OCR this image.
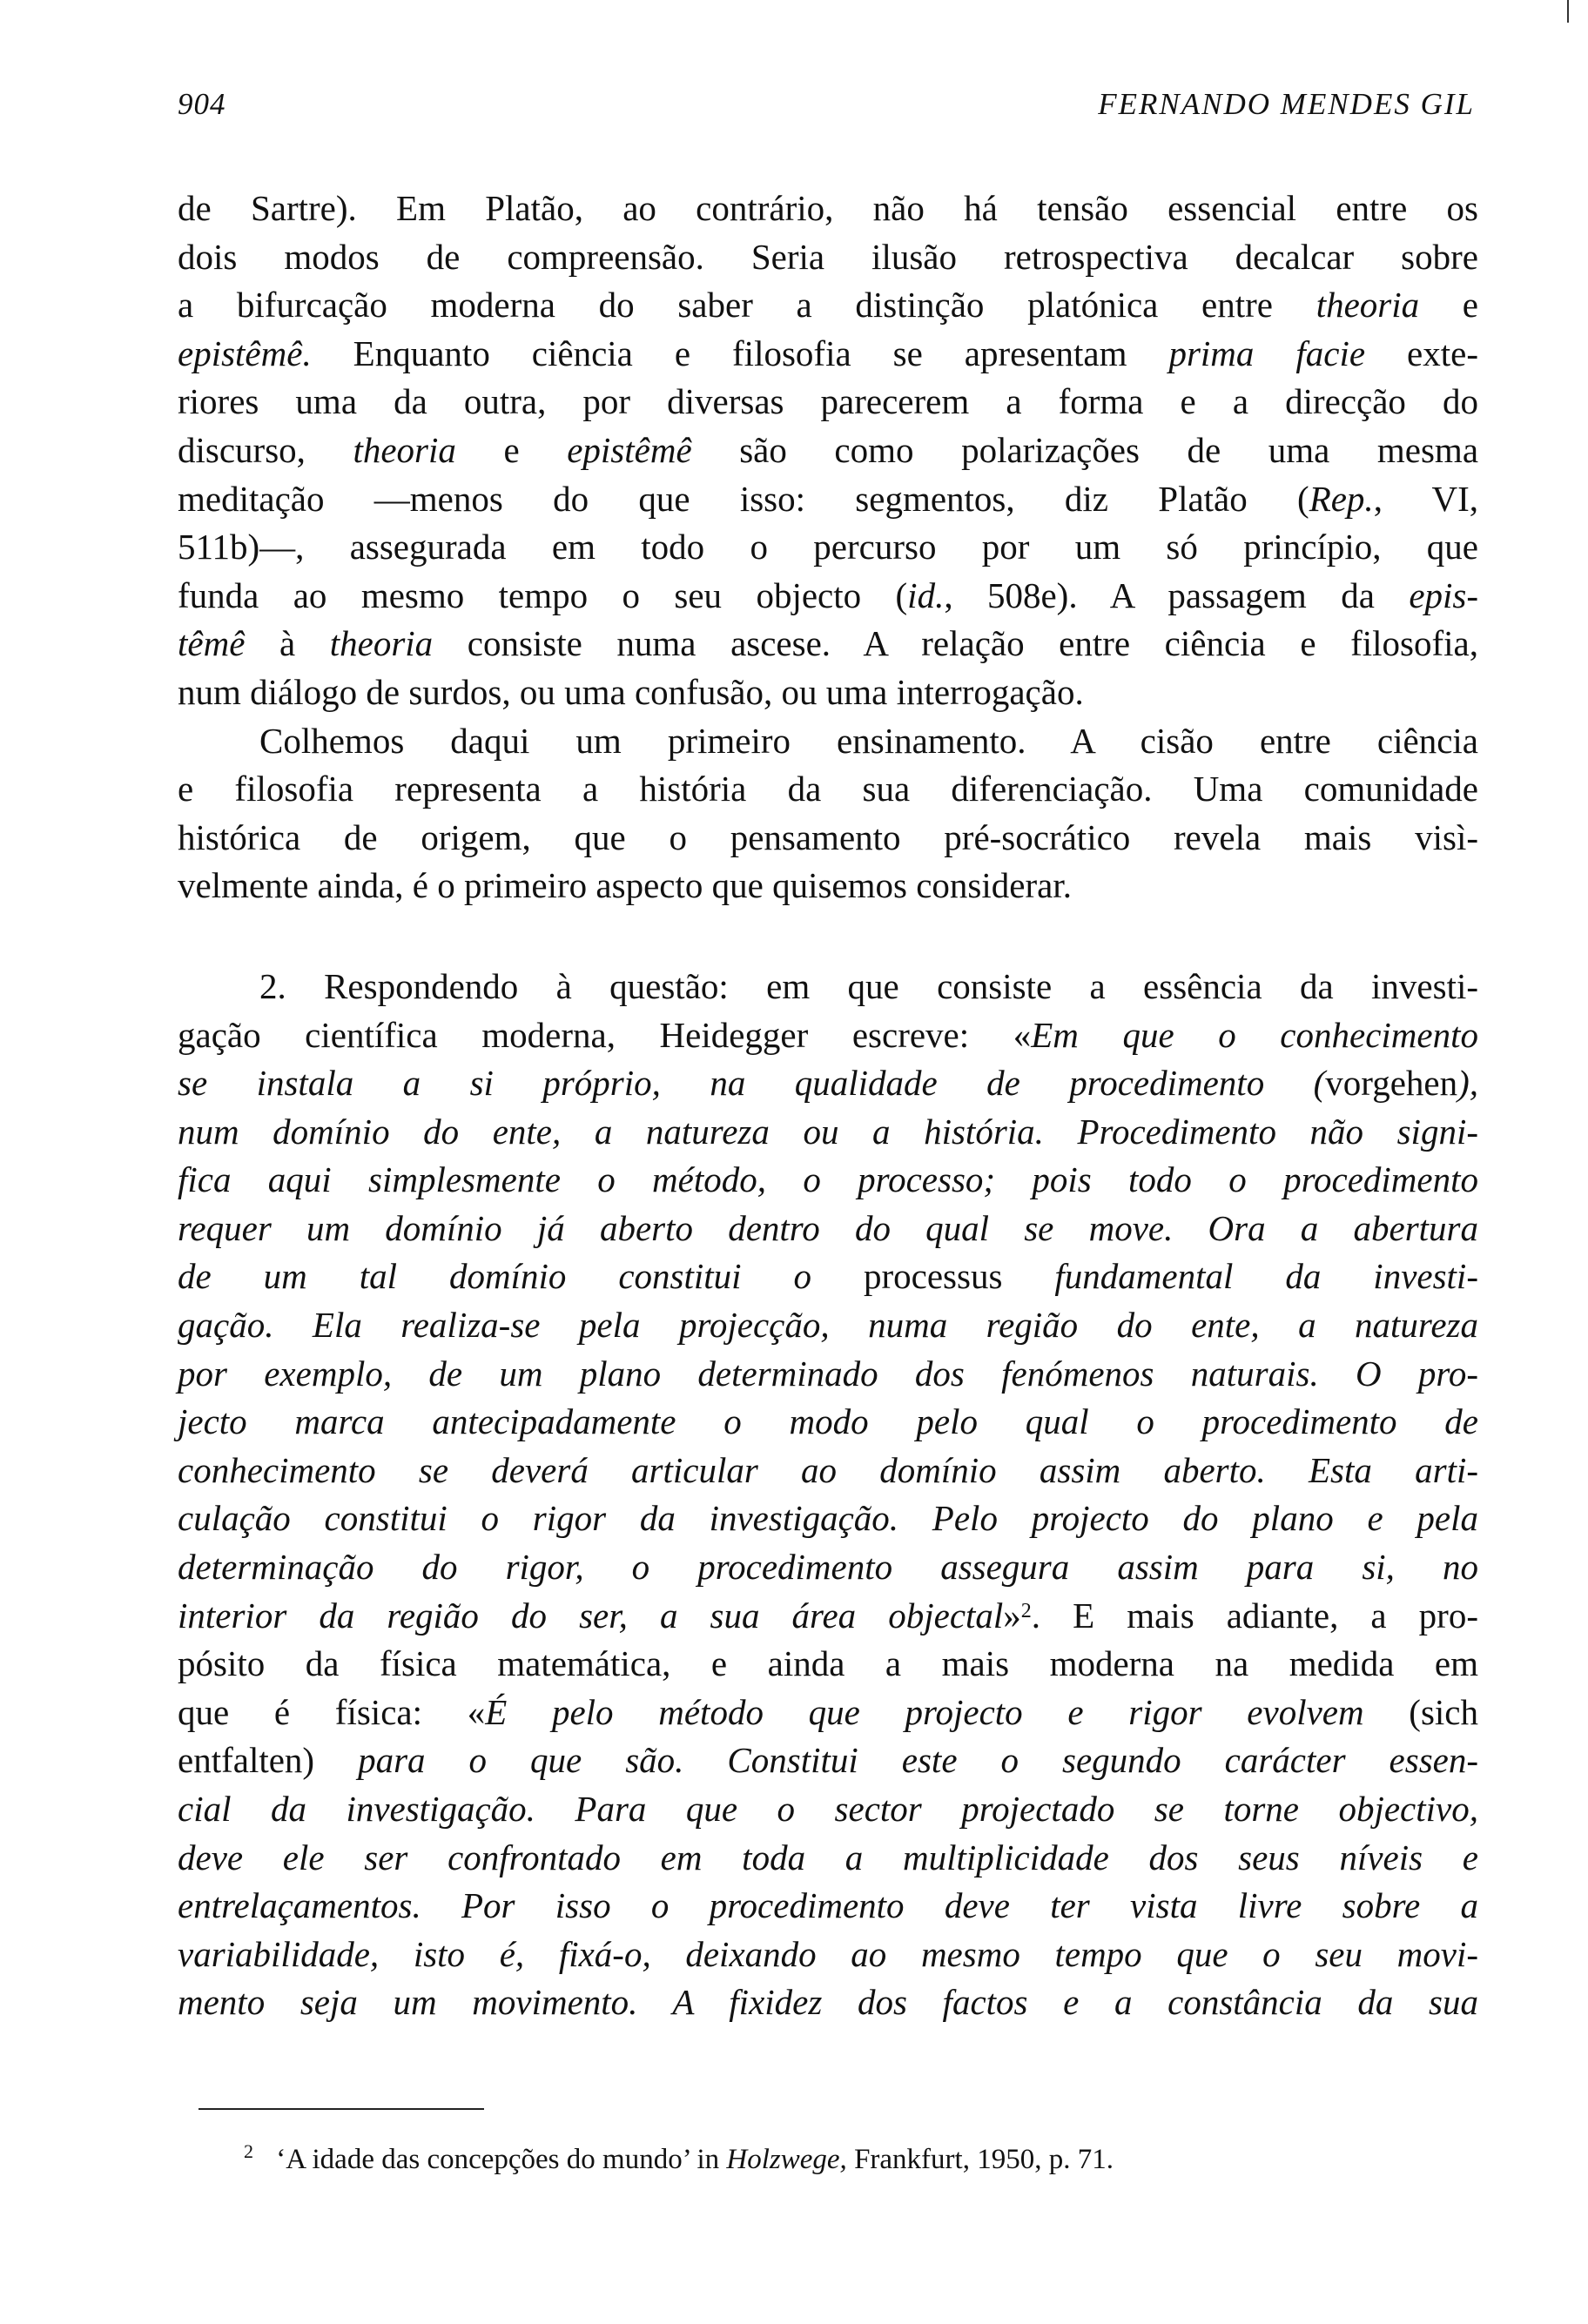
904	FERNANDO MENDES GIL
de Sartre). Em Platão, ao contrário, não há tensão essencial entre os
dois modos de compreensão. Seria ilusão retrospectiva decalcar sobre
a bifurcação moderna do saber a distinção platónica entre theoria e
epistêmê. Enquanto ciência e filosofia se apresentam prima facie exte-
riores uma da outra, por diversas parecerem a forma e a direcção do
discurso, theoria e epistêmê são como polarizações de uma mesma
meditação —menos do que isso: segmentos, diz Platão (Rep., VI,
511b)—, assegurada em todo o percurso por um só princípio, que
funda ao mesmo tempo o seu objecto (id., 508e). A passagem da epis-
têmê à theoria consiste numa ascese. A relação entre ciência e filosofia,
num diálogo de surdos, ou uma confusão, ou uma interrogação.
Colhemos daqui um primeiro ensinamento. A cisão entre ciência
e filosofia representa a história da sua diferenciação. Uma comunidade
histórica de origem, que o pensamento pré-socrático revela mais visì-
velmente ainda, é o primeiro aspecto que quisemos considerar.
2. Respondendo à questão: em que consiste a essência da investi-
gação científica moderna, Heidegger escreve: «Em que o conhecimento
se instala a si próprio, na qualidade de procedimento (vorgehen),
num domínio do ente, a natureza ou a história. Procedimento não signi-
fica aqui simplesmente o método, o processo; pois todo o procedimento
requer um domínio já aberto dentro do qual se move. Ora a abertura
de um tal domínio constitui o processus fundamental da investi-
gação. Ela realiza-se pela projecção, numa região do ente, a natureza
por exemplo, de um plano determinado dos fenómenos naturais. O pro-
jecto marca antecipadamente o modo pelo qual o procedimento de
conhecimento se deverá articular ao domínio assim aberto. Esta arti-
culação constitui o rigor da investigação. Pelo projecto do plano e pela
determinação do rigor, o procedimento assegura assim para si, no
interior da região do ser, a sua área objectal»$^2$. E mais adiante, a pro-
pósito da física matemática, e ainda a mais moderna na medida em
que é física: «É pelo método que projecto e rigor evolvem (sich
entfalten) para o que são. Constitui este o segundo carácter essen-
cial da investigação. Para que o sector projectado se torne objectivo,
deve ele ser confrontado em toda a multiplicidade dos seus níveis e
entrelaçamentos. Por isso o procedimento deve ter vista livre sobre a
variabilidade, isto é, fixá-o, deixando ao mesmo tempo que o seu movi-
mento seja um movimento. A fixidez dos factos e a constância da sua
$^2$ ‘A idade das concepções do mundo’ in Holzwege, Frankfurt, 1950, p. 71.
